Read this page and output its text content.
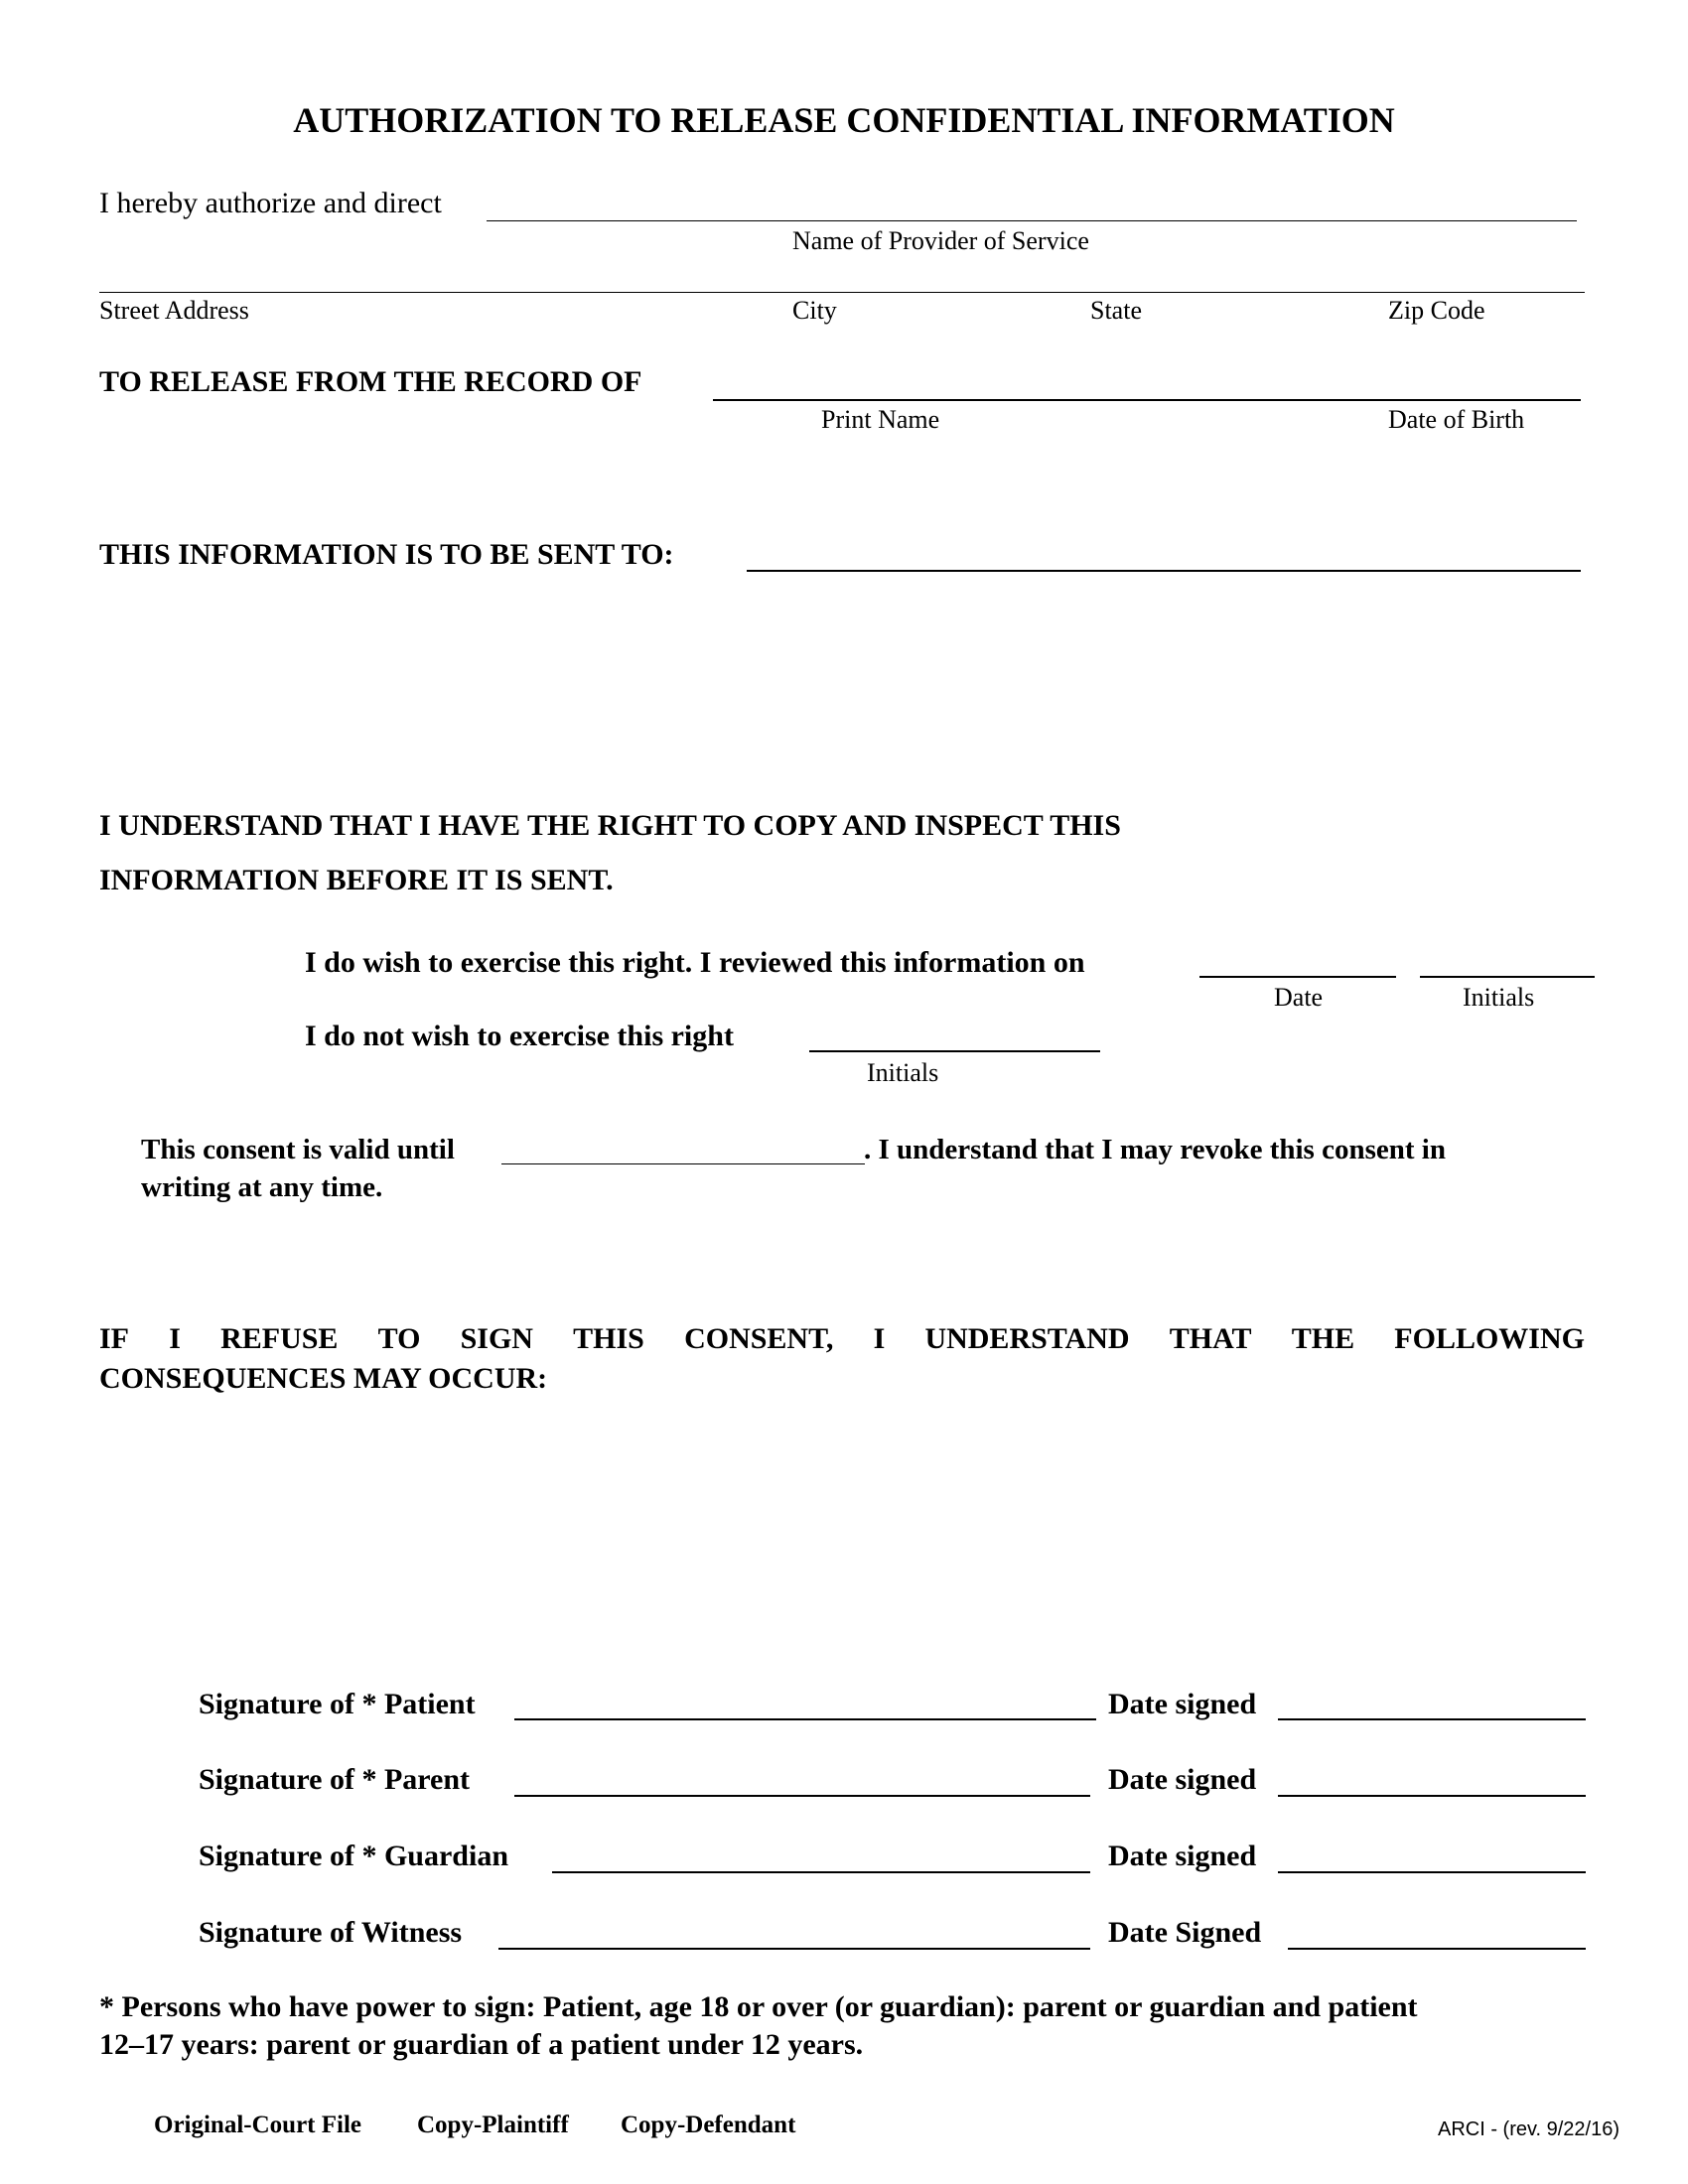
AUTHORIZATION TO RELEASE CONFIDENTIAL INFORMATION
I hereby authorize and direct
Name of Provider of Service
Street Address	City	State	Zip Code
TO RELEASE FROM THE RECORD OF
Print Name	Date of Birth
THIS INFORMATION IS TO BE SENT TO:
I UNDERSTAND THAT I HAVE THE RIGHT TO COPY AND INSPECT THIS
INFORMATION BEFORE IT IS SENT.
I do wish to exercise this right. I reviewed this information on
Date	Initials
I do not wish to exercise this right
Initials
This consent is valid until	. I understand that I may revoke this consent in
writing at any time.
IF I REFUSE TO SIGN THIS CONSENT, I UNDERSTAND THAT THE FOLLOWING
CONSEQUENCES MAY OCCUR:
Signature of * Patient	Date signed
Signature of * Parent	Date signed
Signature of * Guardian	Date signed
Signature of Witness	Date Signed
* Persons who have power to sign: Patient, age 18 or over (or guardian): parent or guardian and patient
12–17 years: parent or guardian of a patient under 12 years.
Original-Court File Copy-Plaintiff Copy-Defendant	ARCI - (rev. 9/22/16)
